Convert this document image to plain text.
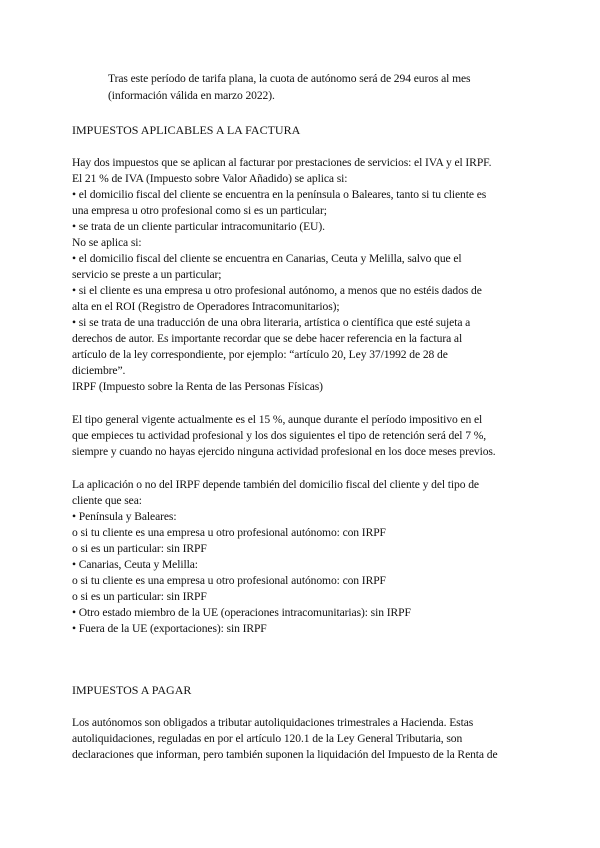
Tras este período de tarifa plana, la cuota de autónomo será de 294 euros al mes
(información válida en marzo 2022).
IMPUESTOS APLICABLES A LA FACTURA
Hay dos impuestos que se aplican al facturar por prestaciones de servicios: el IVA y el IRPF.
El 21 % de IVA (Impuesto sobre Valor Añadido) se aplica si:
• el domicilio fiscal del cliente se encuentra en la península o Baleares, tanto si tu cliente es
una empresa u otro profesional como si es un particular;
• se trata de un cliente particular intracomunitario (EU).
No se aplica si:
• el domicilio fiscal del cliente se encuentra en Canarias, Ceuta y Melilla, salvo que el
servicio se preste a un particular;
• si el cliente es una empresa u otro profesional autónomo, a menos que no estéis dados de
alta en el ROI (Registro de Operadores Intracomunitarios);
• si se trata de una traducción de una obra literaria, artística o científica que esté sujeta a
derechos de autor. Es importante recordar que se debe hacer referencia en la factura al
artículo de la ley correspondiente, por ejemplo: “artículo 20, Ley 37/1992 de 28 de
diciembre”.
IRPF (Impuesto sobre la Renta de las Personas Físicas)
El tipo general vigente actualmente es el 15 %, aunque durante el período impositivo en el
que empieces tu actividad profesional y los dos siguientes el tipo de retención será del 7 %,
siempre y cuando no hayas ejercido ninguna actividad profesional en los doce meses previos.
La aplicación o no del IRPF depende también del domicilio fiscal del cliente y del tipo de
cliente que sea:
• Península y Baleares:
o si tu cliente es una empresa u otro profesional autónomo: con IRPF
o si es un particular: sin IRPF
• Canarias, Ceuta y Melilla:
o si tu cliente es una empresa u otro profesional autónomo: con IRPF
o si es un particular: sin IRPF
• Otro estado miembro de la UE (operaciones intracomunitarias): sin IRPF
• Fuera de la UE (exportaciones): sin IRPF
IMPUESTOS A PAGAR
Los autónomos son obligados a tributar autoliquidaciones trimestrales a Hacienda. Estas
autoliquidaciones, reguladas en por el artículo 120.1 de la Ley General Tributaria, son
declaraciones que informan, pero también suponen la liquidación del Impuesto de la Renta de
